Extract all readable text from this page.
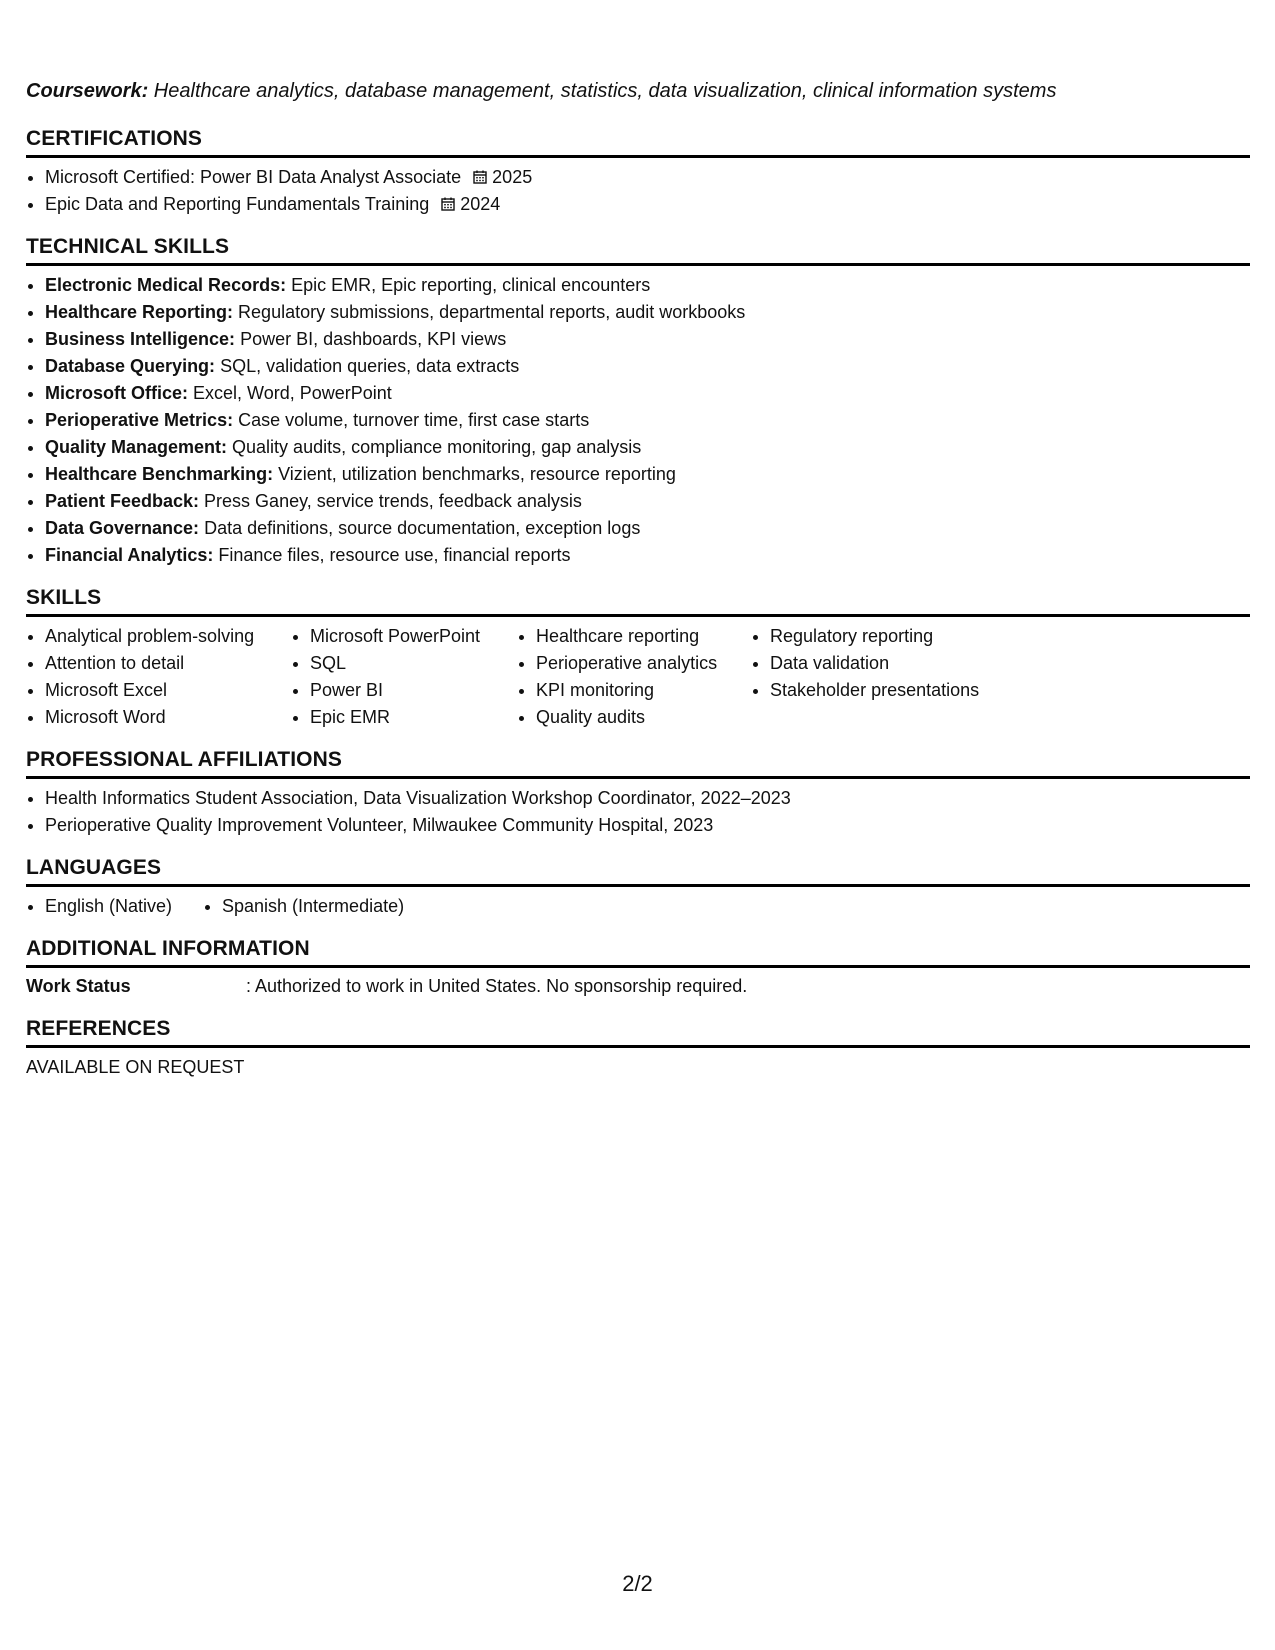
Coursework: Healthcare analytics, database management, statistics, data visualization, clinical information systems
CERTIFICATIONS
• Microsoft Certified: Power BI Data Analyst Associate 2025
• Epic Data and Reporting Fundamentals Training 2024
TECHNICAL SKILLS
• Electronic Medical Records: Epic EMR, Epic reporting, clinical encounters
• Healthcare Reporting: Regulatory submissions, departmental reports, audit workbooks
• Business Intelligence: Power BI, dashboards, KPI views
• Database Querying: SQL, validation queries, data extracts
• Microsoft Office: Excel, Word, PowerPoint
• Perioperative Metrics: Case volume, turnover time, first case starts
• Quality Management: Quality audits, compliance monitoring, gap analysis
• Healthcare Benchmarking: Vizient, utilization benchmarks, resource reporting
• Patient Feedback: Press Ganey, service trends, feedback analysis
• Data Governance: Data definitions, source documentation, exception logs
• Financial Analytics: Finance files, resource use, financial reports
SKILLS
• Analytical problem-solving
• Attention to detail
• Microsoft Excel
• Microsoft Word
• Microsoft PowerPoint
• SQL
• Power BI
• Epic EMR
• Healthcare reporting
• Perioperative analytics
• KPI monitoring
• Quality audits
• Regulatory reporting
• Data validation
• Stakeholder presentations
PROFESSIONAL AFFILIATIONS
• Health Informatics Student Association, Data Visualization Workshop Coordinator, 2022–2023
• Perioperative Quality Improvement Volunteer, Milwaukee Community Hospital, 2023
LANGUAGES
• English (Native)
•	Spanish (Intermediate)
ADDITIONAL INFORMATION
Work Status	: Authorized to work in United States. No sponsorship required.
REFERENCES
AVAILABLE ON REQUEST
2/2
